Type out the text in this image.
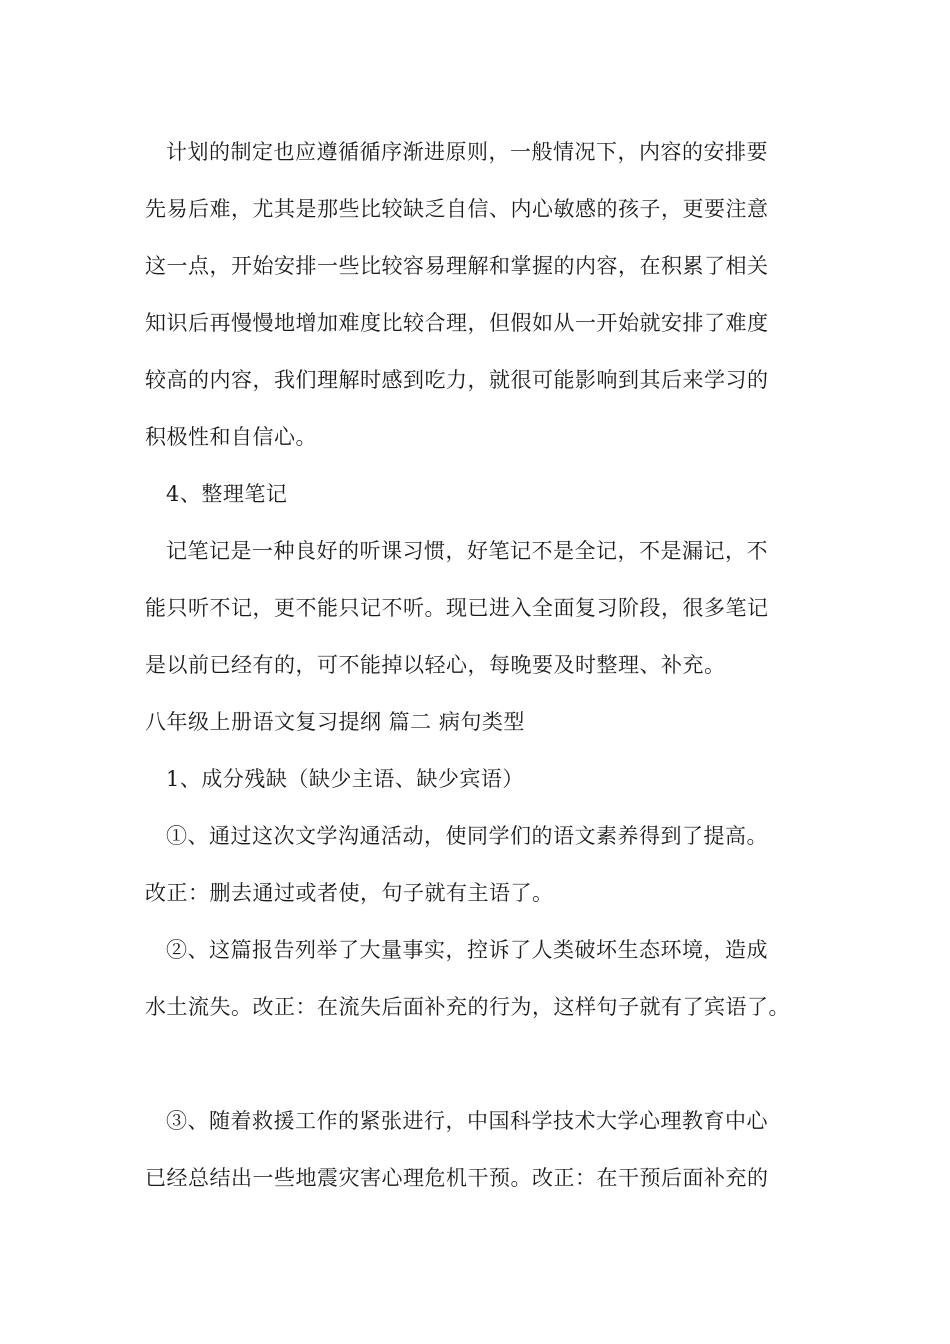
计划的制定也应遵循循序渐进原则，一般情况下，内容的安排要
先易后难，尤其是那些比较缺乏自信、内心敏感的孩子，更要注意
这一点，开始安排一些比较容易理解和掌握的内容，在积累了相关
知识后再慢慢地增加难度比较合理，但假如从一开始就安排了难度
较高的内容，我们理解时感到吃力，就很可能影响到其后来学习的
积极性和自信心。
4、整理笔记
记笔记是一种良好的听课习惯，好笔记不是全记，不是漏记，不
能只听不记，更不能只记不听。现已进入全面复习阶段，很多笔记
是以前已经有的，可不能掉以轻心，每晚要及时整理、补充。
八年级上册语文复习提纲 篇二 病句类型
1、成分残缺（缺少主语、缺少宾语）
①、通过这次文学沟通活动，使同学们的语文素养得到了提高。
改正：删去通过或者使，句子就有主语了。
②、这篇报告列举了大量事实，控诉了人类破坏生态环境，造成
水土流失。改正：在流失后面补充的行为，这样句子就有了宾语了。
③、随着救援工作的紧张进行，中国科学技术大学心理教育中心
已经总结出一些地震灾害心理危机干预。改正：在干预后面补充的
